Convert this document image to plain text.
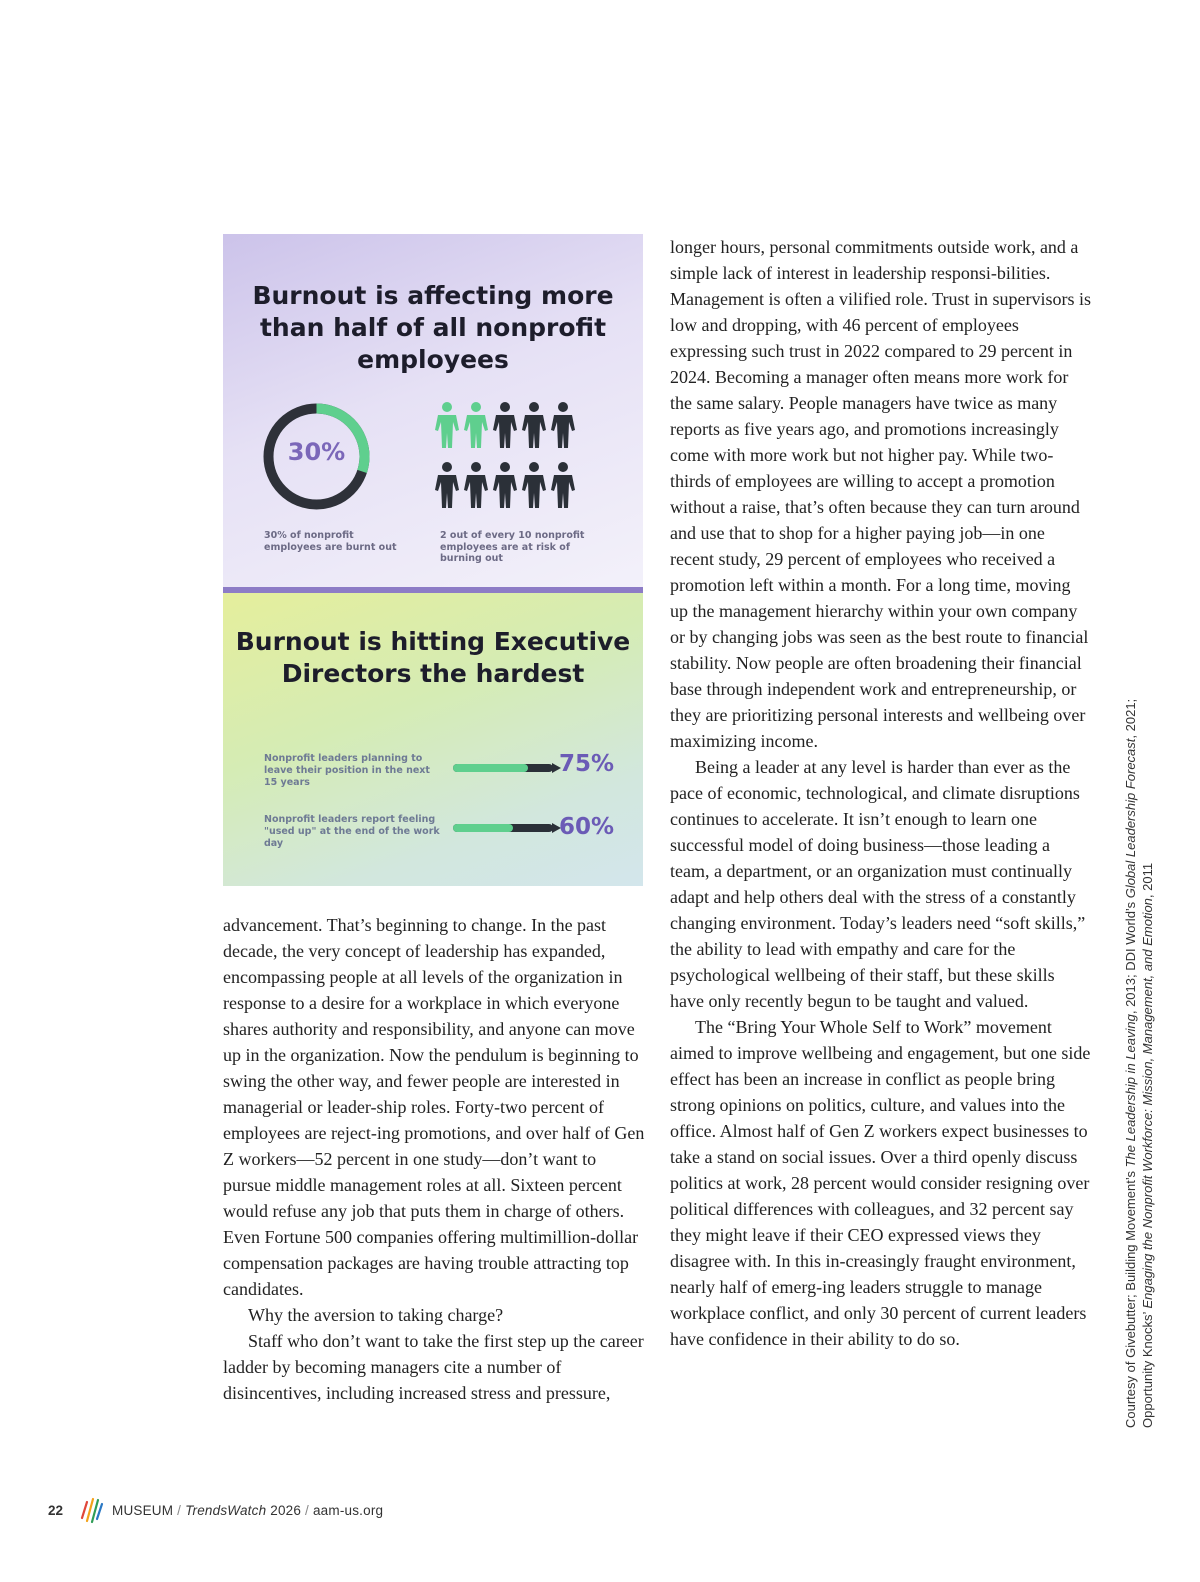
Burnout is affecting more than half of all nonprofit employees
30%
30% of nonprofit employees are burnt out
2 out of every 10 nonprofit employees are at risk of burning out
Burnout is hitting Executive Directors the hardest
Nonprofit leaders planning to leave their position in the next 15 years
75%
Nonprofit leaders report feeling "used up" at the end of the work day
60%

advancement. That’s beginning to change. In the past decade, the very concept of leadership has expanded, encompassing people at all levels of the organization in response to a desire for a workplace in which everyone shares authority and responsibility, and anyone can move up in the organization. Now the pendulum is beginning to swing the other way, and fewer people are interested in managerial or leader-ship roles. Forty-two percent of employees are reject-ing promotions, and over half of Gen Z workers—52 percent in one study—don’t want to pursue middle management roles at all. Sixteen percent would refuse any job that puts them in charge of others. Even Fortune 500 companies offering multimillion-dollar compensation packages are having trouble attracting top candidates.

Why the aversion to taking charge?

Staff who don’t want to take the first step up the career ladder by becoming managers cite a number of disincentives, including increased stress and pressure,

longer hours, personal commitments outside work, and a simple lack of interest in leadership responsi-bilities. Management is often a vilified role. Trust in supervisors is low and dropping, with 46 percent of employees expressing such trust in 2022 compared to 29 percent in 2024. Becoming a manager often means more work for the same salary. People managers have twice as many reports as five years ago, and promotions increasingly come with more work but not higher pay. While two-thirds of employees are willing to accept a promotion without a raise, that’s often because they can turn around and use that to shop for a higher paying job—in one recent study, 29 percent of employees who received a promotion left within a month. For a long time, moving up the management hierarchy within your own company or by changing jobs was seen as the best route to financial stability. Now people are often broadening their financial base through independent work and entrepreneurship, or they are prioritizing personal interests and wellbeing over maximizing income.

Being a leader at any level is harder than ever as the pace of economic, technological, and climate disruptions continues to accelerate. It isn’t enough to learn one successful model of doing business—those leading a team, a department, or an organization must continually adapt and help others deal with the stress of a constantly changing environment. Today’s leaders need “soft skills,” the ability to lead with empathy and care for the psychological wellbeing of their staff, but these skills have only recently begun to be taught and valued.

The “Bring Your Whole Self to Work” movement aimed to improve wellbeing and engagement, but one side effect has been an increase in conflict as people bring strong opinions on politics, culture, and values into the office. Almost half of Gen Z workers expect businesses to take a stand on social issues. Over a third openly discuss politics at work, 28 percent would consider resigning over political differences with colleagues, and 32 percent say they might leave if their CEO expressed views they disagree with. In this in-creasingly fraught environment, nearly half of emerg-ing leaders struggle to manage workplace conflict, and only 30 percent of current leaders have confidence in their ability to do so.	Courtesy of Givebutter; Building Movement’s The Leadership in Leaving, 2013; DDI World’s Global Leadership Forecast, 2021;
Opportunity Knocks’ Engaging the Nonprofit Workforce: Mission, Management, and Emotion, 2011
22	MUSEUM / TrendsWatch 2026 / aam-us.org
